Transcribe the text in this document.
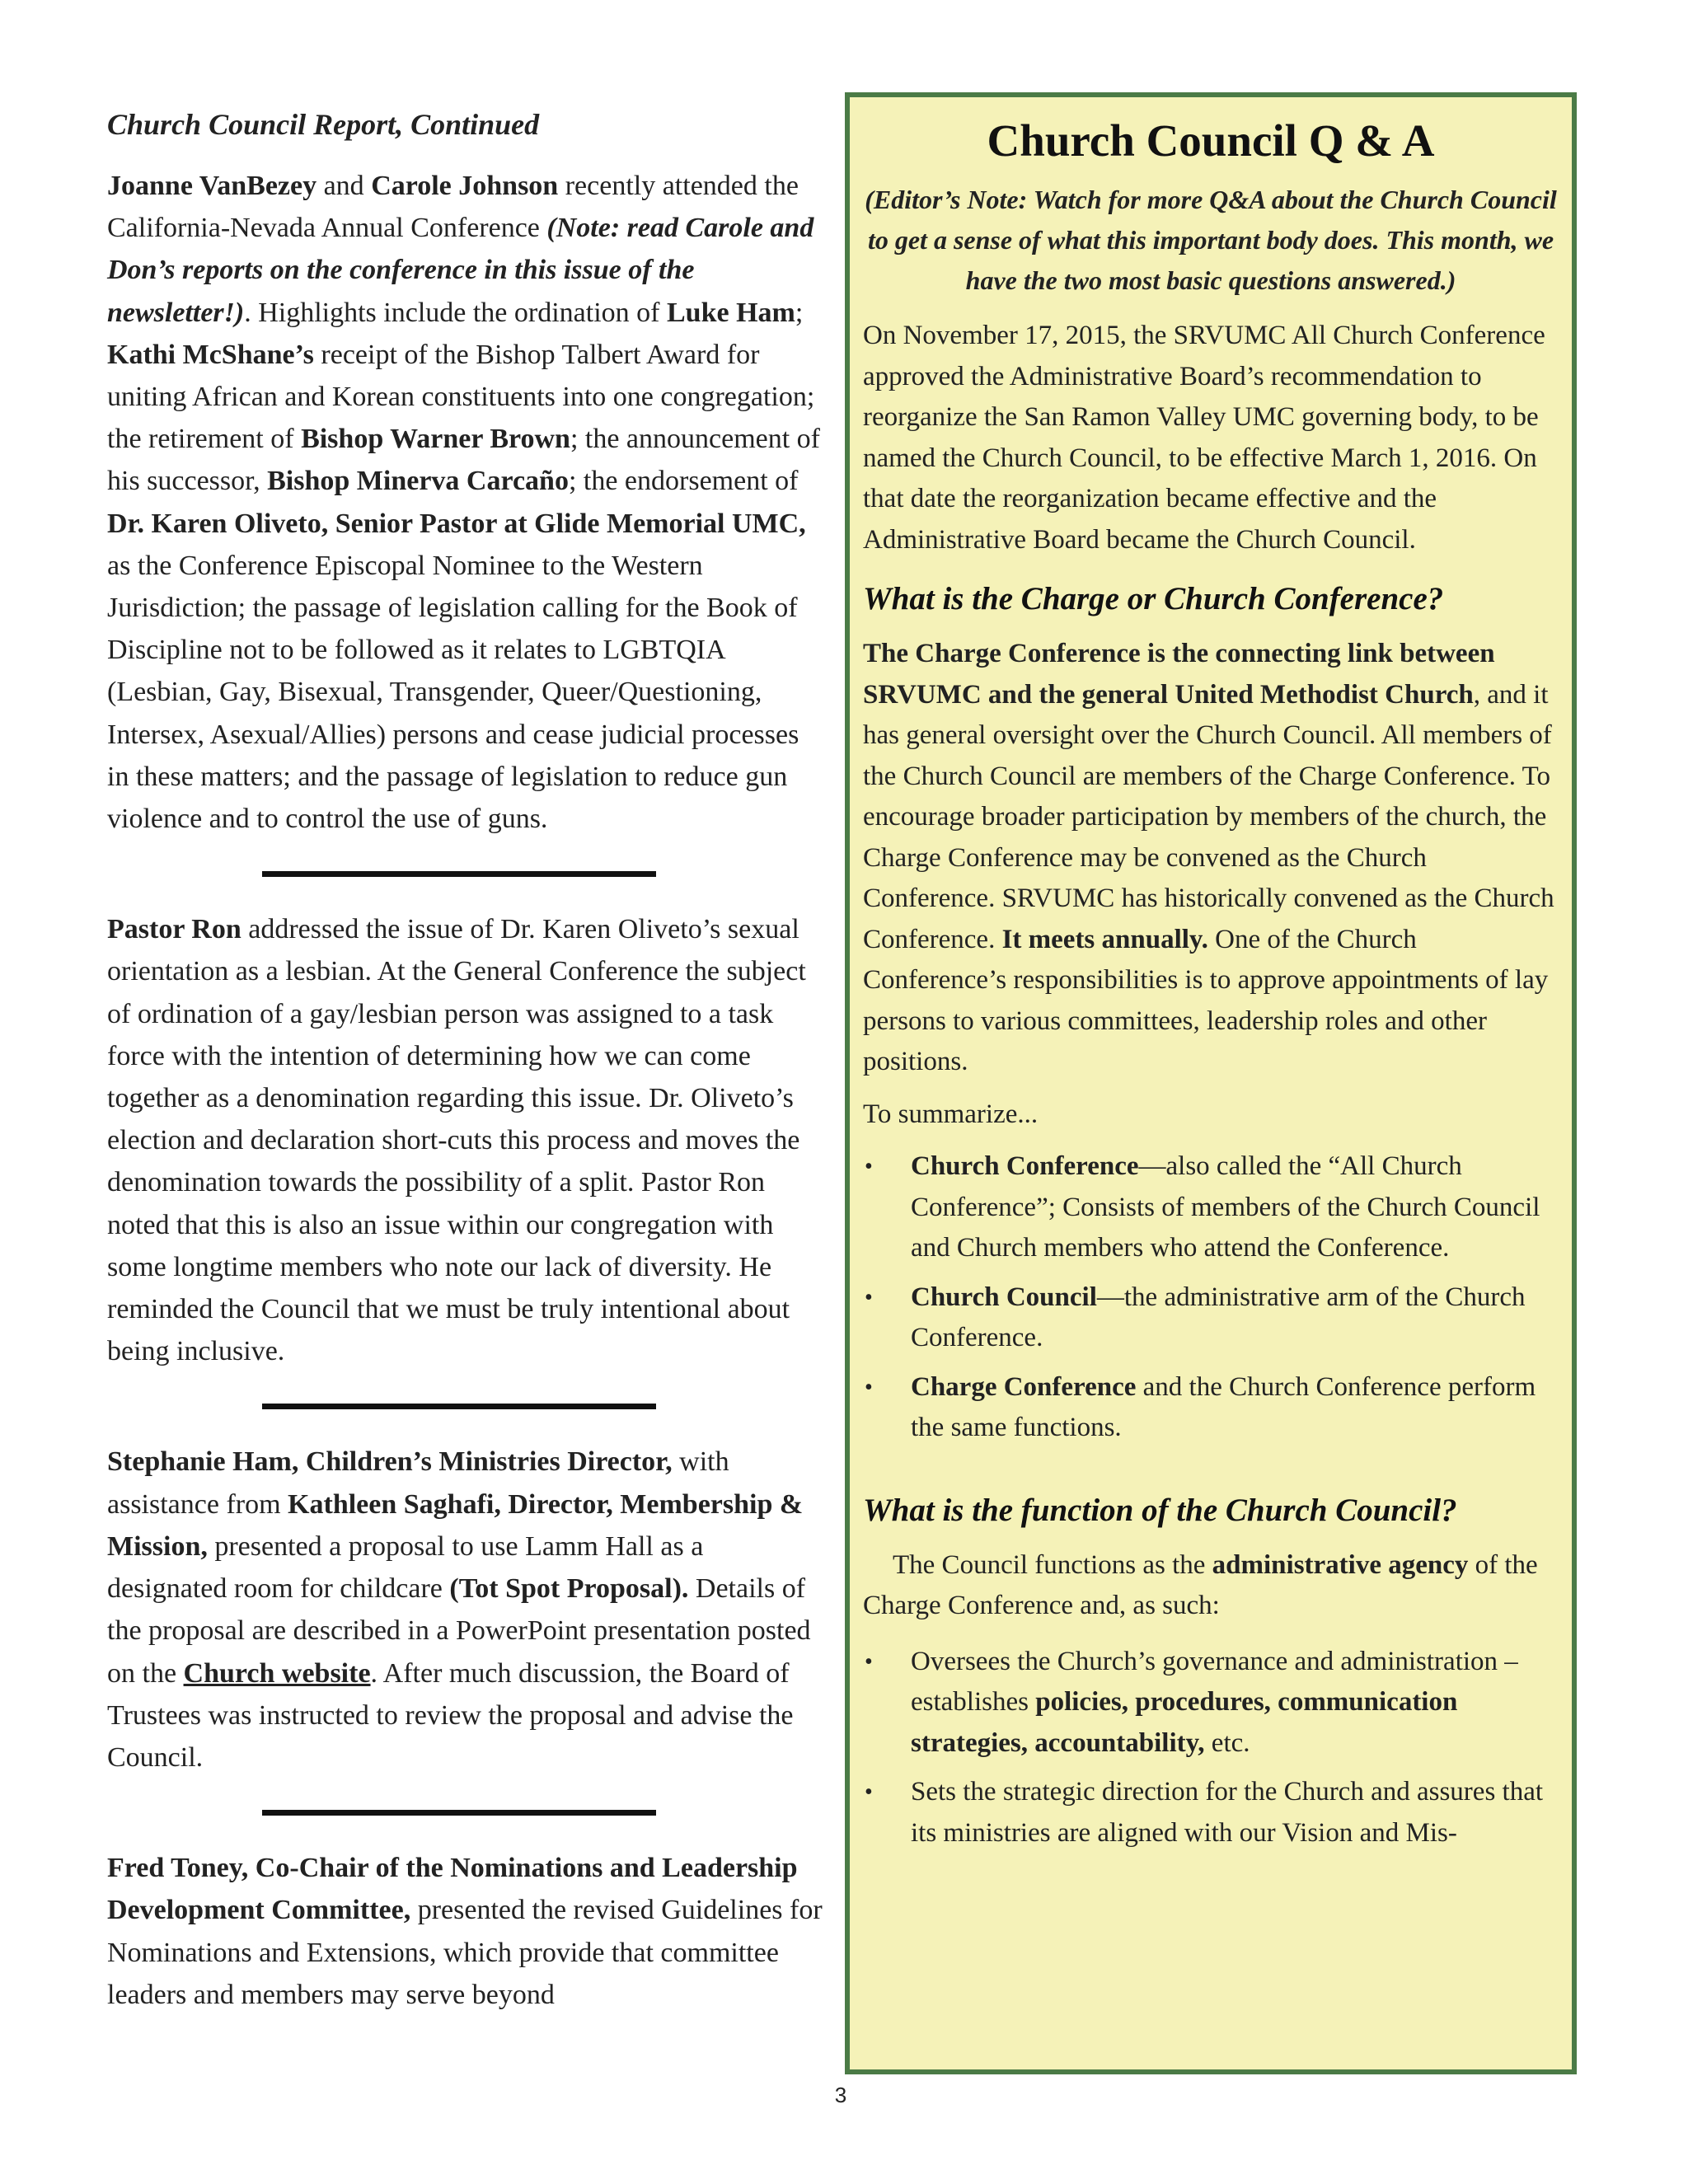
Church Council Report, Continued

Joanne VanBezey and Carole Johnson recently attended the California-Nevada Annual Conference (Note: read Carole and Don’s reports on the conference in this issue of the newsletter!). Highlights include the ordination of Luke Ham; Kathi McShane’s receipt of the Bishop Talbert Award for uniting African and Korean constituents into one congregation; the retirement of Bishop Warner Brown; the announcement of his successor, Bishop Minerva Carcaño; the endorsement of Dr. Karen Oliveto, Senior Pastor at Glide Memorial UMC, as the Conference Episcopal Nominee to the Western Jurisdiction; the passage of legislation calling for the Book of Discipline not to be followed as it relates to LGBTQIA (Lesbian, Gay, Bisexual, Transgender, Queer/Questioning, Intersex, Asexual/Allies) persons and cease judicial processes in these matters; and the passage of legislation to reduce gun violence and to control the use of guns.

Pastor Ron addressed the issue of Dr. Karen Oliveto’s sexual orientation as a lesbian. At the General Conference the subject of ordination of a gay/lesbian person was assigned to a task force with the intention of determining how we can come together as a denomination regarding this issue. Dr. Oliveto’s election and declaration short-cuts this process and moves the denomination towards the possibility of a split. Pastor Ron noted that this is also an issue within our congregation with some longtime members who note our lack of diversity. He reminded the Council that we must be truly intentional about being inclusive.

Stephanie Ham, Children’s Ministries Director, with assistance from Kathleen Saghafi, Director, Membership & Mission, presented a proposal to use Lamm Hall as a designated room for childcare (Tot Spot Proposal). Details of the proposal are described in a PowerPoint presentation posted on the Church website. After much discussion, the Board of Trustees was instructed to review the proposal and advise the Council.

Fred Toney, Co-Chair of the Nominations and Leadership Development Committee, presented the revised Guidelines for Nominations and Extensions, which provide that committee leaders and members may serve beyond

Church Council Q & A
(Editor’s Note: Watch for more Q&A about the Church Council to get a sense of what this important body does. This month, we have the two most basic questions answered.)

On November 17, 2015, the SRVUMC All Church Conference approved the Administrative Board’s recommendation to reorganize the San Ramon Valley UMC governing body, to be named the Church Council, to be effective March 1, 2016. On that date the reorganization became effective and the Administrative Board became the Church Council.

What is the Charge or Church Conference?

The Charge Conference is the connecting link between SRVUMC and the general United Methodist Church, and it has general oversight over the Church Council. All members of the Church Council are members of the Charge Conference. To encourage broader participation by members of the church, the Charge Conference may be convened as the Church Conference. SRVUMC has historically convened as the Church Conference. It meets annually. One of the Church Conference’s responsibilities is to approve appointments of lay persons to various committees, leadership roles and other positions.

To summarize...

• Church Conference—also called the “All Church Conference”; Consists of members of the Church Council and Church members who attend the Conference.
• Church Council—the administrative arm of the Church Conference.
• Charge Conference and the Church Conference perform the same functions.
What is the function of the Church Council?

The Council functions as the administrative agency of the Charge Conference and, as such:

• Oversees the Church’s governance and administration – establishes policies, procedures, communication strategies, accountability, etc.
• Sets the strategic direction for the Church and assures that its ministries are aligned with our Vision and Mis-
3
